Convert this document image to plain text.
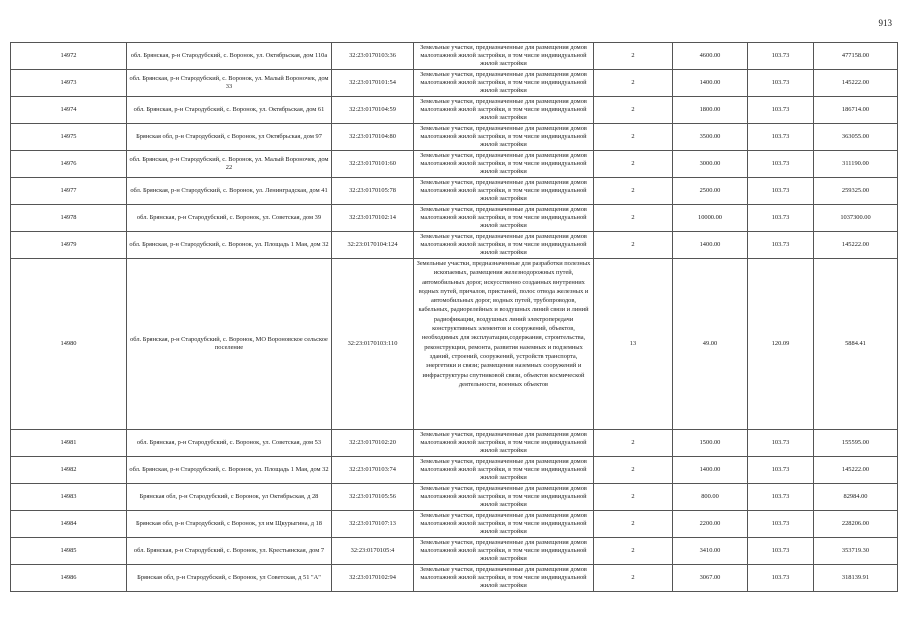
913
14972	обл. Брянская, р-н Стародубский, с. Воронок, ул. Октябрьская, дом 110а	32:23:0170103:36	Земельные участки, предназначенные для размещения домов малоэтажной жилой застройки, в том числе индивидуальной жилой застройки	2	4600.00	103.73	477158.00
14973	обл. Брянская, р-н Стародубский, с. Воронок, ул. Малый Вороночек, дом 33	32:23:0170101:54	Земельные участки, предназначенные для размещения домов малоэтажной жилой застройки, в том числе индивидуальной жилой застройки	2	1400.00	103.73	145222.00
14974	обл. Брянская, р-н Стародубский, с. Воронок, ул. Октябрьская, дом 61	32:23:0170104:59	Земельные участки, предназначенные для размещения домов малоэтажной жилой застройки, в том числе индивидуальной жилой застройки	2	1800.00	103.73	186714.00
14975	Брянская обл, р-н Стародубский, с Воронок, ул Октябрьская, дом 97	32:23:0170104:80	Земельные участки, предназначенные для размещения домов малоэтажной жилой застройки, в том числе индивидуальной жилой застройки	2	3500.00	103.73	363055.00
14976	обл. Брянская, р-н Стародубский, с. Воронок, ул. Малый Вороночек, дом 22	32:23:0170101:60	Земельные участки, предназначенные для размещения домов малоэтажной жилой застройки, в том числе индивидуальной жилой застройки	2	3000.00	103.73	311190.00
14977	обл. Брянская, р-н Стародубский, с. Воронок, ул. Ленинградская, дом 41	32:23:0170105:78	Земельные участки, предназначенные для размещения домов малоэтажной жилой застройки, в том числе индивидуальной жилой застройки	2	2500.00	103.73	259325.00
14978	обл. Брянская, р-н Стародубский, с. Воронок, ул. Советская, дом 39	32:23:0170102:14	Земельные участки, предназначенные для размещения домов малоэтажной жилой застройки, в том числе индивидуальной жилой застройки	2	10000.00	103.73	1037300.00
14979	обл. Брянская, р-н Стародубский, с. Воронок, ул. Площадь 1 Мая, дом 32	32:23:0170104:124	Земельные участки, предназначенные для размещения домов малоэтажной жилой застройки, в том числе индивидуальной жилой застройки	2	1400.00	103.73	145222.00
14980	обл. Брянская, р-н Стародубский, с. Воронок, МО Вороновское сельское поселение	32:23:0170103:110	Земельные участки, предназначенные для разработки полезных ископаемых, размещения железнодорожных путей, автомобильных дорог, искусственно созданных внутренних водных путей, причалов, пристаней, полос отвода железных и автомобильных дорог, водных путей, трубопроводов, кабельных, радиорелейных и воздушных линий связи и линий радиофикации, воздушных линий электропередачи конструктивных элементов и сооружений, объектов, необходимых для эксплуатации,содержания, строительства, реконструкции, ремонта, развития наземных и подземных зданий, строений, сооружений, устройств транспорта, энергетики и связи; размещения наземных сооружений и инфраструктуры спутниковой связи, объектов космической деятельности, военных объектов	13	49.00	120.09	5884.41
14981	обл. Брянская, р-н Стародубский, с. Воронок, ул. Советская, дом 53	32:23:0170102:20	Земельные участки, предназначенные для размещения домов малоэтажной жилой застройки, в том числе индивидуальной жилой застройки	2	1500.00	103.73	155595.00
14982	обл. Брянская, р-н Стародубский, с. Воронок, ул. Площадь 1 Мая, дом 32	32:23:0170103:74	Земельные участки, предназначенные для размещения домов малоэтажной жилой застройки, в том числе индивидуальной жилой застройки	2	1400.00	103.73	145222.00
14983	Брянская обл, р-н Стародубский, с Воронок, ул Октябрьская, д 28	32:23:0170105:56	Земельные участки, предназначенные для размещения домов малоэтажной жилой застройки, в том числе индивидуальной жилой застройки	2	800.00	103.73	82984.00
14984	Брянская обл, р-н Стародубский, с Воронок, ул им Щкурыгина, д 18	32:23:0170107:13	Земельные участки, предназначенные для размещения домов малоэтажной жилой застройки, в том числе индивидуальной жилой застройки	2	2200.00	103.73	228206.00
14985	обл. Брянская, р-н Стародубский, с. Воронок, ул. Крестьянская, дом 7	32:23:0170105:4	Земельные участки, предназначенные для размещения домов малоэтажной жилой застройки, в том числе индивидуальной жилой застройки	2	3410.00	103.73	353719.30
14986	Брянская обл, р-н Стародубский, с Воронок, ул Советская, д 51 "А"	32:23:0170102:94	Земельные участки, предназначенные для размещения домов малоэтажной жилой застройки, в том числе индивидуальной жилой застройки	2	3067.00	103.73	318139.91
